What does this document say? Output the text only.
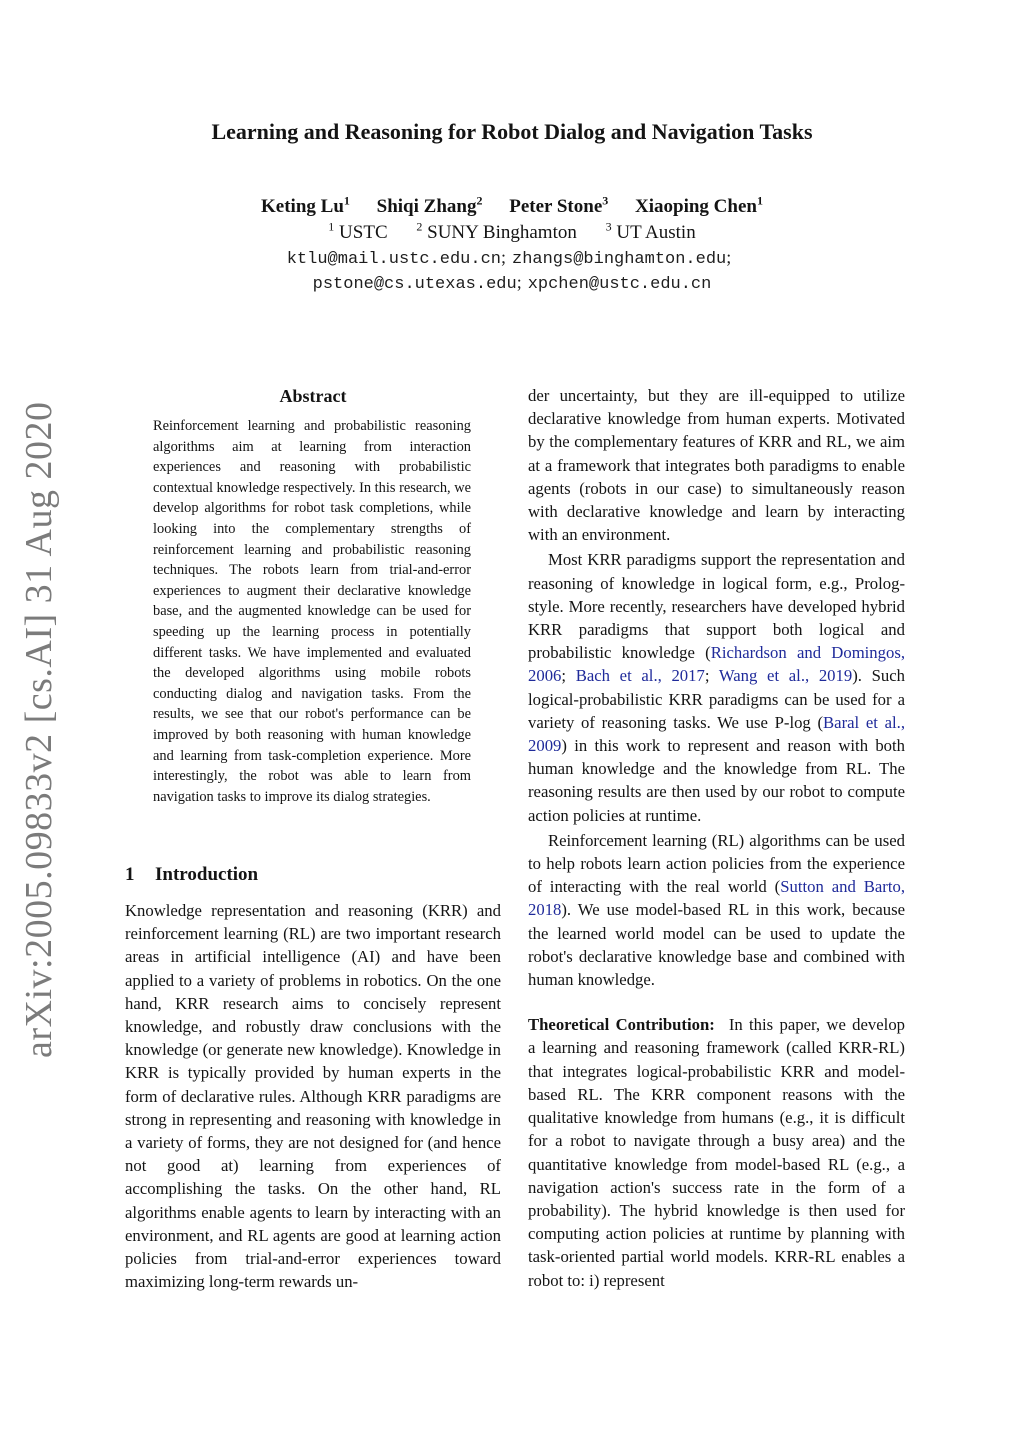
arXiv:2005.09833v2 [cs.AI] 31 Aug 2020
Learning and Reasoning for Robot Dialog and Navigation Tasks
Keting Lu$^1$ Shiqi Zhang$^2$ Peter Stone$^3$ Xiaoping Chen$^1$
$^1$ USTC $^2$ SUNY Binghamton $^3$ UT Austin
ktlu@mail.ustc.edu.cn; zhangs@binghamton.edu;
pstone@cs.utexas.edu; xpchen@ustc.edu.cn
Abstract
Reinforcement learning and probabilistic reasoning algorithms aim at learning from interaction experiences and reasoning with probabilistic contextual knowledge respectively. In this research, we develop algorithms for robot task completions, while looking into the complementary strengths of reinforcement learning and probabilistic reasoning techniques. The robots learn from trial-and-error experiences to augment their declarative knowledge base, and the augmented knowledge can be used for speeding up the learning process in potentially different tasks. We have implemented and evaluated the developed algorithms using mobile robots conducting dialog and navigation tasks. From the results, we see that our robot's performance can be improved by both reasoning with human knowledge and learning from task-completion experience. More interestingly, the robot was able to learn from navigation tasks to improve its dialog strategies.
1 Introduction
Knowledge representation and reasoning (KRR) and reinforcement learning (RL) are two important research areas in artificial intelligence (AI) and have been applied to a variety of problems in robotics. On the one hand, KRR research aims to concisely represent knowledge, and robustly draw conclusions with the knowledge (or generate new knowledge). Knowledge in KRR is typically provided by human experts in the form of declarative rules. Although KRR paradigms are strong in representing and reasoning with knowledge in a variety of forms, they are not designed for (and hence not good at) learning from experiences of accomplishing the tasks. On the other hand, RL algorithms enable agents to learn by interacting with an environment, and RL agents are good at learning action policies from trial-and-error experiences toward maximizing long-term rewards un-

der uncertainty, but they are ill-equipped to utilize declarative knowledge from human experts. Motivated by the complementary features of KRR and RL, we aim at a framework that integrates both paradigms to enable agents (robots in our case) to simultaneously reason with declarative knowledge and learn by interacting with an environment.

Most KRR paradigms support the representation and reasoning of knowledge in logical form, e.g., Prolog-style. More recently, researchers have developed hybrid KRR paradigms that support both logical and probabilistic knowledge (Richardson and Domingos, 2006; Bach et al., 2017; Wang et al., 2019). Such logical-probabilistic KRR paradigms can be used for a variety of reasoning tasks. We use P-log (Baral et al., 2009) in this work to represent and reason with both human knowledge and the knowledge from RL. The reasoning results are then used by our robot to compute action policies at runtime.

Reinforcement learning (RL) algorithms can be used to help robots learn action policies from the experience of interacting with the real world (Sutton and Barto, 2018). We use model-based RL in this work, because the learned world model can be used to update the robot's declarative knowledge base and combined with human knowledge.

Theoretical Contribution: In this paper, we develop a learning and reasoning framework (called KRR-RL) that integrates logical-probabilistic KRR and model-based RL. The KRR component reasons with the qualitative knowledge from humans (e.g., it is difficult for a robot to navigate through a busy area) and the quantitative knowledge from model-based RL (e.g., a navigation action's success rate in the form of a probability). The hybrid knowledge is then used for computing action policies at runtime by planning with task-oriented partial world models. KRR-RL enables a robot to: i) represent
